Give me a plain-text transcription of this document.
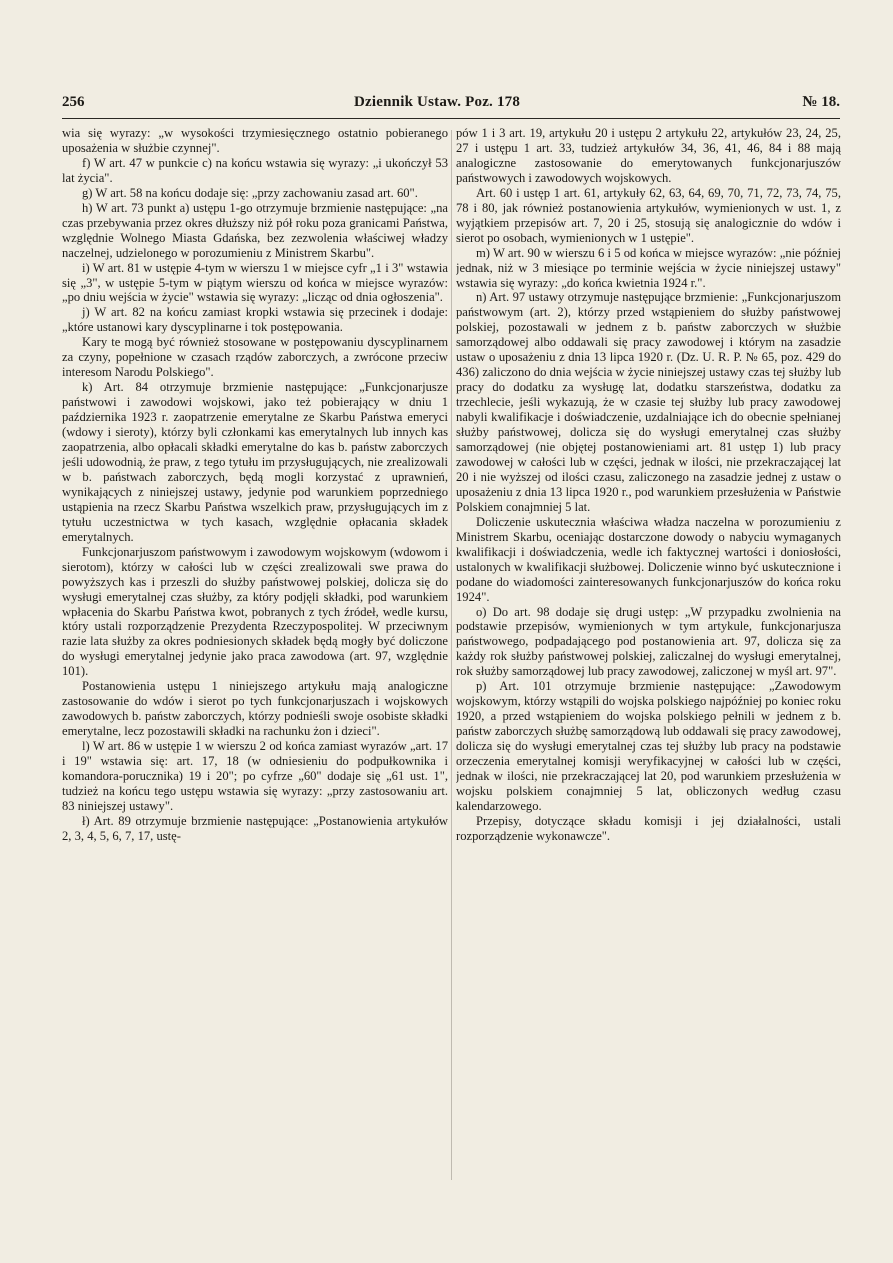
256	Dziennik Ustaw. Poz. 178	№ 18.

wia się wyrazy: „w wysokości trzymiesięcznego ostatnio pobieranego uposażenia w służbie czynnej".

f) W art. 47 w punkcie c) na końcu wstawia się wyrazy: „i ukończył 53 lat życia".

g) W art. 58 na końcu dodaje się: „przy zachowaniu zasad art. 60".

h) W art. 73 punkt a) ustępu 1-go otrzymuje brzmienie następujące: „na czas przebywania przez okres dłuższy niż pół roku poza granicami Państwa, względnie Wolnego Miasta Gdańska, bez zezwolenia właściwej władzy naczelnej, udzielonego w porozumieniu z Ministrem Skarbu".

i) W art. 81 w ustępie 4-tym w wierszu 1 w miejsce cyfr „1 i 3" wstawia się „3", w ustępie 5-tym w piątym wierszu od końca w miejsce wyrazów: „po dniu wejścia w życie" wstawia się wyrazy: „licząc od dnia ogłoszenia".

j) W art. 82 na końcu zamiast kropki wstawia się przecinek i dodaje: „które ustanowi kary dyscyplinarne i tok postępowania.

Kary te mogą być również stosowane w postępowaniu dyscyplinarnem za czyny, popełnione w czasach rządów zaborczych, a zwrócone przeciw interesom Narodu Polskiego".

k) Art. 84 otrzymuje brzmienie następujące: „Funkcjonarjusze państwowi i zawodowi wojskowi, jako też pobierający w dniu 1 października 1923 r. zaopatrzenie emerytalne ze Skarbu Państwa emeryci (wdowy i sieroty), którzy byli członkami kas emerytalnych lub innych kas zaopatrzenia, albo opłacali składki emerytalne do kas b. państw zaborczych jeśli udowodnią, że praw, z tego tytułu im przysługujących, nie zrealizowali w b. państwach zaborczych, będą mogli korzystać z uprawnień, wynikających z niniejszej ustawy, jedynie pod warunkiem poprzedniego ustąpienia na rzecz Skarbu Państwa wszelkich praw, przysługujących im z tytułu uczestnictwa w tych kasach, względnie opłacania składek emerytalnych.

Funkcjonarjuszom państwowym i zawodowym wojskowym (wdowom i sierotom), którzy w całości lub w części zrealizowali swe prawa do powyższych kas i przeszli do służby państwowej polskiej, dolicza się do wysługi emerytalnej czas służby, za który podjęli składki, pod warunkiem wpłacenia do Skarbu Państwa kwot, pobranych z tych źródeł, wedle kursu, który ustali rozporządzenie Prezydenta Rzeczypospolitej. W przeciwnym razie lata służby za okres podniesionych składek będą mogły być doliczone do wysługi emerytalnej jedynie jako praca zawodowa (art. 97, względnie 101).

Postanowienia ustępu 1 niniejszego artykułu mają analogiczne zastosowanie do wdów i sierot po tych funkcjonarjuszach i wojskowych zawodowych b. państw zaborczych, którzy podnieśli swoje osobiste składki emerytalne, lecz pozostawili składki na rachunku żon i dzieci".

l) W art. 86 w ustępie 1 w wierszu 2 od końca zamiast wyrazów „art. 17 i 19" wstawia się: art. 17, 18 (w odniesieniu do podpułkownika i komandora-porucznika) 19 i 20"; po cyfrze „60" dodaje się „61 ust. 1", tudzież na końcu tego ustępu wstawia się wyrazy: „przy zastosowaniu art. 83 niniejszej ustawy".

ł) Art. 89 otrzymuje brzmienie następujące: „Postanowienia artykułów 2, 3, 4, 5, 6, 7, 17, ustę-

pów 1 i 3 art. 19, artykułu 20 i ustępu 2 artykułu 22, artykułów 23, 24, 25, 27 i ustępu 1 art. 33, tudzież artykułów 34, 36, 41, 46, 84 i 88 mają analogiczne zastosowanie do emerytowanych funkcjonarjuszów państwowych i zawodowych wojskowych.

Art. 60 i ustęp 1 art. 61, artykuły 62, 63, 64, 69, 70, 71, 72, 73, 74, 75, 78 i 80, jak również postanowienia artykułów, wymienionych w ust. 1, z wyjątkiem przepisów art. 7, 20 i 25, stosują się analogicznie do wdów i sierot po osobach, wymienionych w 1 ustępie".

m) W art. 90 w wierszu 6 i 5 od końca w miejsce wyrazów: „nie później jednak, niż w 3 miesiące po terminie wejścia w życie niniejszej ustawy" wstawia się wyrazy: „do końca kwietnia 1924 r.".

n) Art. 97 ustawy otrzymuje następujące brzmienie: „Funkcjonarjuszom państwowym (art. 2), którzy przed wstąpieniem do służby państwowej polskiej, pozostawali w jednem z b. państw zaborczych w służbie samorządowej albo oddawali się pracy zawodowej i którym na zasadzie ustaw o uposażeniu z dnia 13 lipca 1920 r. (Dz. U. R. P. № 65, poz. 429 do 436) zaliczono do dnia wejścia w życie niniejszej ustawy czas tej służby lub pracy do dodatku za wysługę lat, dodatku starszeństwa, dodatku za trzechlecie, jeśli wykazują, że w czasie tej służby lub pracy zawodowej nabyli kwalifikacje i doświadczenie, uzdalniające ich do obecnie spełnianej służby państwowej, dolicza się do wysługi emerytalnej czas służby samorządowej (nie objętej postanowieniami art. 81 ustęp 1) lub pracy zawodowej w całości lub w części, jednak w ilości, nie przekraczającej lat 20 i nie wyższej od ilości czasu, zaliczonego na zasadzie jednej z ustaw o uposażeniu z dnia 13 lipca 1920 r., pod warunkiem przesłużenia w Państwie Polskiem conajmniej 5 lat.

Doliczenie uskutecznia właściwa władza naczelna w porozumieniu z Ministrem Skarbu, oceniając dostarczone dowody o nabyciu wymaganych kwalifikacji i doświadczenia, wedle ich faktycznej wartości i doniosłości, ustalonych w kwalifikacji służbowej. Doliczenie winno być uskutecznione i podane do wiadomości zainteresowanych funkcjonarjuszów do końca roku 1924".

o) Do art. 98 dodaje się drugi ustęp: „W przypadku zwolnienia na podstawie przepisów, wymienionych w tym artykule, funkcjonarjusza państwowego, podpadającego pod postanowienia art. 97, dolicza się za każdy rok służby państwowej polskiej, zaliczalnej do wysługi emerytalnej, rok służby samorządowej lub pracy zawodowej, zaliczonej w myśl art. 97".

p) Art. 101 otrzymuje brzmienie następujące: „Zawodowym wojskowym, którzy wstąpili do wojska polskiego najpóźniej po koniec roku 1920, a przed wstąpieniem do wojska polskiego pełnili w jednem z b. państw zaborczych służbę samorządową lub oddawali się pracy zawodowej, dolicza się do wysługi emerytalnej czas tej służby lub pracy na podstawie orzeczenia emerytalnej komisji weryfikacyjnej w całości lub w części, jednak w ilości, nie przekraczającej lat 20, pod warunkiem przesłużenia w wojsku polskiem conajmniej 5 lat, obliczonych według czasu kalendarzowego.

Przepisy, dotyczące składu komisji i jej działalności, ustali rozporządzenie wykonawcze".
